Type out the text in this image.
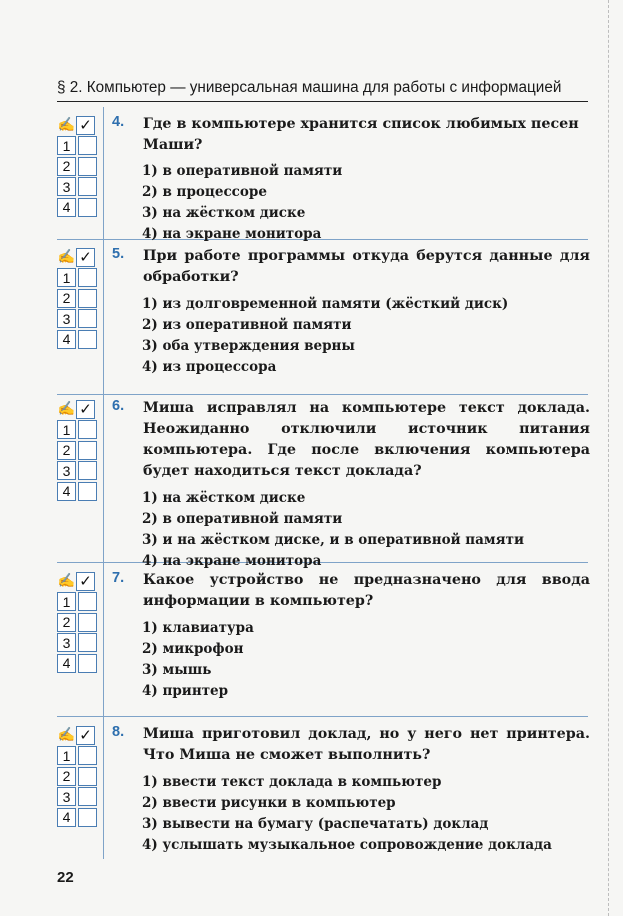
§ 2. Компьютер — универсальная машина для работы с информацией
✍ ✓
1
2
3
4
4. Где в компьютере хранится список любимых песен Маши?
1) в оперативной памяти
2) в процессоре
3) на жёстком диске
4) на экране монитора
✍ ✓
1
2
3
4
5. При работе программы откуда берутся данные для обработки?
1) из долговременной памяти (жёсткий диск)
2) из оперативной памяти
3) оба утверждения верны
4) из процессора
✍ ✓
1
2
3
4
6. Миша исправлял на компьютере текст доклада. Неожиданно отключили источник питания компьютера. Где после включения компьютера будет находиться текст доклада?
1) на жёстком диске
2) в оперативной памяти
3) и на жёстком диске, и в оперативной памяти
4) на экране монитора
✍ ✓
1
2
3
4
7. Какое устройство не предназначено для ввода информации в компьютер?
1) клавиатура
2) микрофон
3) мышь
4) принтер
✍ ✓
1
2
3
4
8. Миша приготовил доклад, но у него нет принтера. Что Миша не сможет выполнить?
1) ввести текст доклада в компьютер
2) ввести рисунки в компьютер
3) вывести на бумагу (распечатать) доклад
4) услышать музыкальное сопровождение доклада
22
